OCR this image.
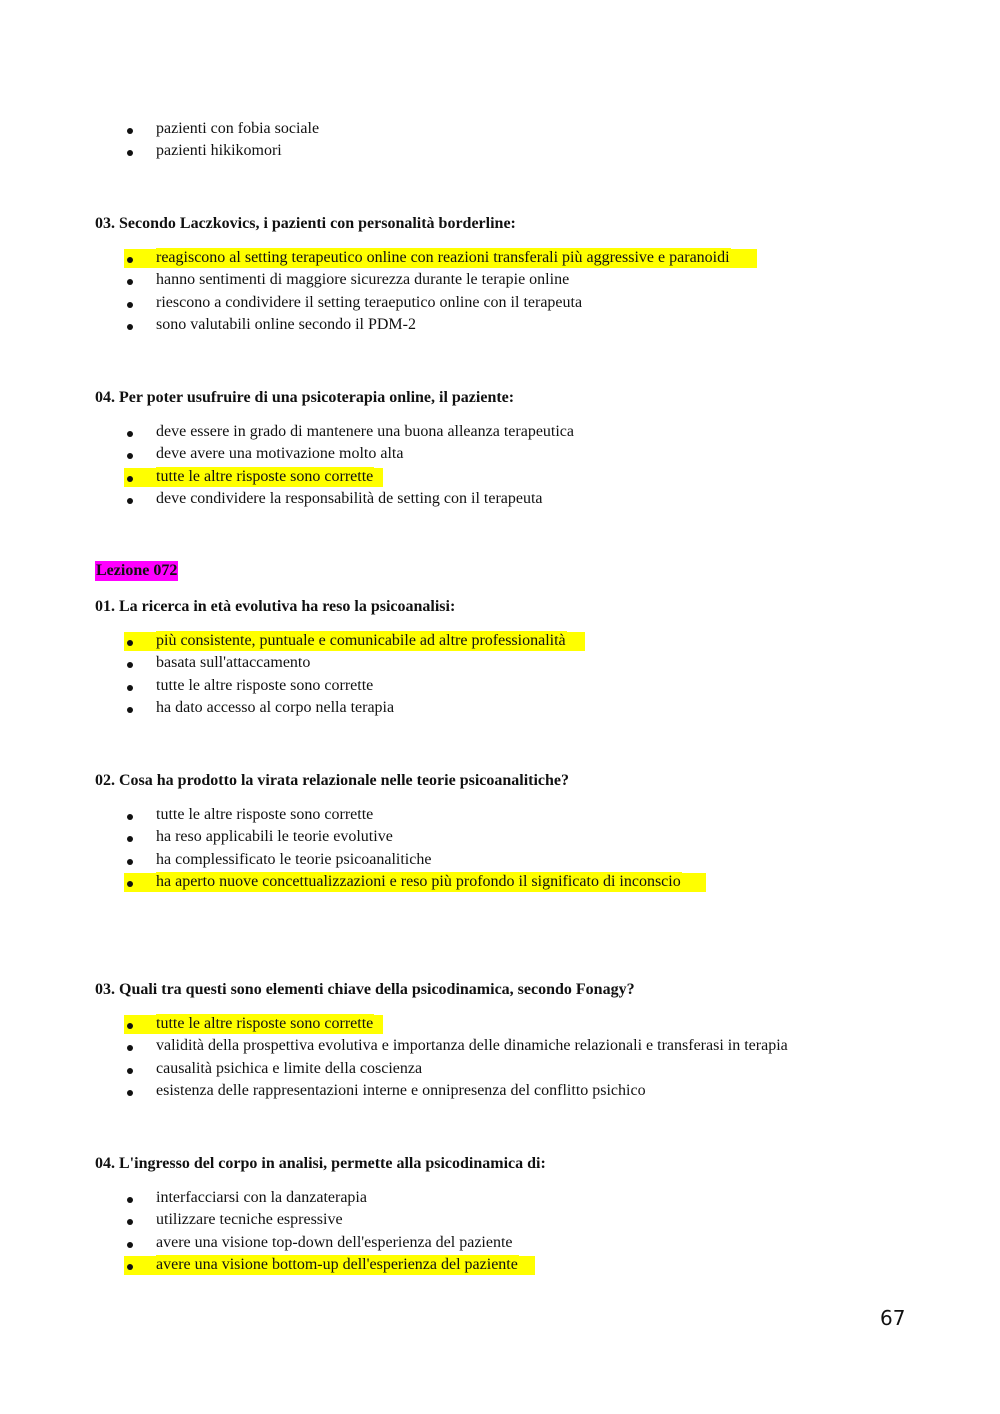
pazienti con fobia sociale
pazienti hikikomori
03. Secondo Laczkovics, i pazienti con personalità borderline:
reagiscono al setting terapeutico online con reazioni transferali più aggressive e paranoidi
hanno sentimenti di maggiore sicurezza durante le terapie online
riescono a condividere il setting teraeputico online con il terapeuta
sono valutabili online secondo il PDM-2
04. Per poter usufruire di una psicoterapia online, il paziente:
deve essere in grado di mantenere una buona alleanza terapeutica
deve avere una motivazione molto alta
tutte le altre risposte sono corrette
deve condividere la responsabilità de setting con il terapeuta
Lezione 072
01. La ricerca in età evolutiva ha reso la psicoanalisi:
più consistente, puntuale e comunicabile ad altre professionalità
basata sull'attaccamento
tutte le altre risposte sono corrette
ha dato accesso al corpo nella terapia
02. Cosa ha prodotto la virata relazionale nelle teorie psicoanalitiche?
tutte le altre risposte sono corrette
ha reso applicabili le teorie evolutive
ha complessificato le teorie psicoanalitiche
ha aperto nuove concettualizzazioni e reso più profondo il significato di inconscio
03. Quali tra questi sono elementi chiave della psicodinamica, secondo Fonagy?
tutte le altre risposte sono corrette
validità della prospettiva evolutiva e importanza delle dinamiche relazionali e transferasi in terapia
causalità psichica e limite della coscienza
esistenza delle rappresentazioni interne e onnipresenza del conflitto psichico
04. L'ingresso del corpo in analisi, permette alla psicodinamica di:
interfacciarsi con la danzaterapia
utilizzare tecniche espressive
avere una visione top-down dell'esperienza del paziente
avere una visione bottom-up dell'esperienza del paziente
67
